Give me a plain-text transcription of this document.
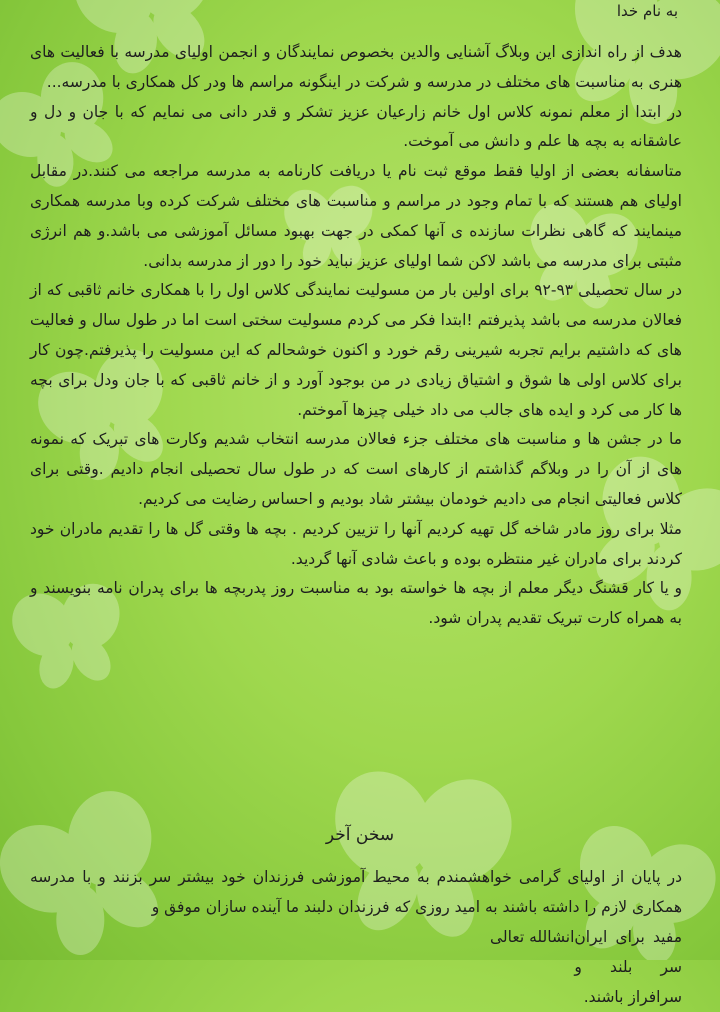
به نام خدا

هدف از راه اندازی این وبلاگ آشنایی والدین بخصوص نمایندگان و انجمن اولیای مدرسه با فعالیت های هنری به مناسبت های مختلف در مدرسه و شرکت در اینگونه مراسم ها ودر کل همکاری با مدرسه...

در ابتدا از معلم نمونه کلاس اول خانم زارعیان عزیز تشکر و قدر دانی می نمایم که با جان و دل و عاشقانه به بچه ها علم و دانش می آموخت.

متاسفانه بعضی از اولیا فقط موقع ثبت نام یا دریافت کارنامه به مدرسه مراجعه می کنند.در مقابل اولیای هم هستند که با تمام وجود در مراسم و مناسبت های مختلف شرکت کرده وبا مدرسه همکاری مینمایند که گاهی نظرات سازنده ی آنها کمکی در جهت بهبود مسائل آموزشی می باشد.و هم انرژی مثبتی برای مدرسه می باشد لاکن شما اولیای عزیز نباید خود را دور از مدرسه بدانی.

در سال تحصیلی ۹۳-۹۲ برای اولین بار من مسولیت نمایندگی کلاس اول را با همکاری خانم ثاقبی که از فعالان مدرسه می باشد پذیرفتم !ابتدا فکر می کردم مسولیت سختی است اما در طول سال و فعالیت های که داشتیم برایم تجربه شیرینی رقم خورد و اکنون خوشحالم که این مسولیت را پذیرفتم.چون کار برای کلاس اولی ها شوق و اشتیاق زیادی در من بوجود آورد و از خانم ثاقبی که با جان ودل برای بچه ها کار می کرد و ایده های جالب می داد خیلی چیزها آموختم.

ما در جشن ها و مناسبت های مختلف جزء فعالان مدرسه انتخاب شدیم وکارت های تبریک که نمونه های از آن را در وبلاگم گذاشتم از کارهای است که در طول سال تحصیلی انجام دادیم .وقتی برای کلاس فعالیتی انجام می دادیم خودمان بیشتر شاد بودیم و احساس رضایت می کردیم.

مثلا برای روز مادر شاخه گل تهیه کردیم آنها را تزیین کردیم . بچه ها وقتی گل ها را تقدیم مادران خود کردند برای مادران غیر منتظره بوده و باعث شادی آنها گردید.

و یا کار قشنگ دیگر معلم از بچه ها خواسته بود به مناسبت روز پدربچه ها برای پدران نامه بنویسند و به همراه کارت تبریک تقدیم پدران شود.

سخن آخر
در پایان از اولیای گرامی خواهشمندم به محیط آموزشی فرزندان خود بیشتر سر بزنند و با مدرسه همکاری لازم را داشته باشند به امید روزی که فرزندان دلبند ما آینده سازان موفق و
مفید برای ایران سر بلند و سرافراز باشند.
انشالله تعالی
